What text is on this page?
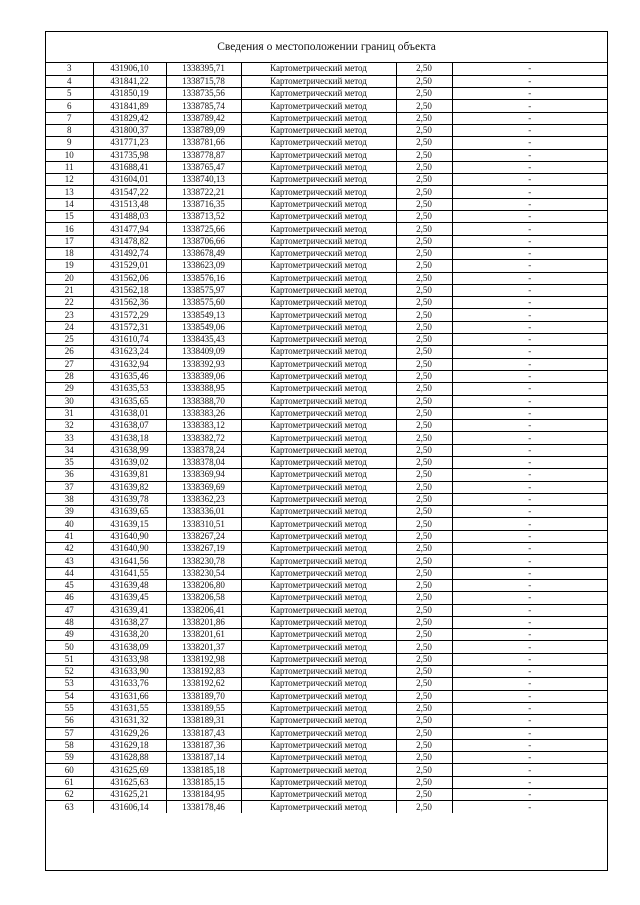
Сведения о местоположении границ объекта
3	431906,10	1338395,71	Картометрический метод	2,50	-
4	431841,22	1338715,78	Картометрический метод	2,50	-
5	431850,19	1338735,56	Картометрический метод	2,50	-
6	431841,89	1338785,74	Картометрический метод	2,50	-
7	431829,42	1338789,42	Картометрический метод	2,50	-
8	431800,37	1338789,09	Картометрический метод	2,50	-
9	431771,23	1338781,66	Картометрический метод	2,50	-
10	431735,98	1338778,87	Картометрический метод	2,50	-
11	431688,41	1338765,47	Картометрический метод	2,50	-
12	431604,01	1338740,13	Картометрический метод	2,50	-
13	431547,22	1338722,21	Картометрический метод	2,50	-
14	431513,48	1338716,35	Картометрический метод	2,50	-
15	431488,03	1338713,52	Картометрический метод	2,50	-
16	431477,94	1338725,66	Картометрический метод	2,50	-
17	431478,82	1338706,66	Картометрический метод	2,50	-
18	431492,74	1338678,49	Картометрический метод	2,50	-
19	431529,01	1338623,09	Картометрический метод	2,50	-
20	431562,06	1338576,16	Картометрический метод	2,50	-
21	431562,18	1338575,97	Картометрический метод	2,50	-
22	431562,36	1338575,60	Картометрический метод	2,50	-
23	431572,29	1338549,13	Картометрический метод	2,50	-
24	431572,31	1338549,06	Картометрический метод	2,50	-
25	431610,74	1338435,43	Картометрический метод	2,50	-
26	431623,24	1338409,09	Картометрический метод	2,50	-
27	431632,94	1338392,93	Картометрический метод	2,50	-
28	431635,46	1338389,06	Картометрический метод	2,50	-
29	431635,53	1338388,95	Картометрический метод	2,50	-
30	431635,65	1338388,70	Картометрический метод	2,50	-
31	431638,01	1338383,26	Картометрический метод	2,50	-
32	431638,07	1338383,12	Картометрический метод	2,50	-
33	431638,18	1338382,72	Картометрический метод	2,50	-
34	431638,99	1338378,24	Картометрический метод	2,50	-
35	431639,02	1338378,04	Картометрический метод	2,50	-
36	431639,81	1338369,94	Картометрический метод	2,50	-
37	431639,82	1338369,69	Картометрический метод	2,50	-
38	431639,78	1338362,23	Картометрический метод	2,50	-
39	431639,65	1338336,01	Картометрический метод	2,50	-
40	431639,15	1338310,51	Картометрический метод	2,50	-
41	431640,90	1338267,24	Картометрический метод	2,50	-
42	431640,90	1338267,19	Картометрический метод	2,50	-
43	431641,56	1338230,78	Картометрический метод	2,50	-
44	431641,55	1338230,54	Картометрический метод	2,50	-
45	431639,48	1338206,80	Картометрический метод	2,50	-
46	431639,45	1338206,58	Картометрический метод	2,50	-
47	431639,41	1338206,41	Картометрический метод	2,50	-
48	431638,27	1338201,86	Картометрический метод	2,50	-
49	431638,20	1338201,61	Картометрический метод	2,50	-
50	431638,09	1338201,37	Картометрический метод	2,50	-
51	431633,98	1338192,98	Картометрический метод	2,50	-
52	431633,90	1338192,83	Картометрический метод	2,50	-
53	431633,76	1338192,62	Картометрический метод	2,50	-
54	431631,66	1338189,70	Картометрический метод	2,50	-
55	431631,55	1338189,55	Картометрический метод	2,50	-
56	431631,32	1338189,31	Картометрический метод	2,50	-
57	431629,26	1338187,43	Картометрический метод	2,50	-
58	431629,18	1338187,36	Картометрический метод	2,50	-
59	431628,88	1338187,14	Картометрический метод	2,50	-
60	431625,69	1338185,18	Картометрический метод	2,50	-
61	431625,63	1338185,15	Картометрический метод	2,50	-
62	431625,21	1338184,95	Картометрический метод	2,50	-
63	431606,14	1338178,46	Картометрический метод	2,50	-
